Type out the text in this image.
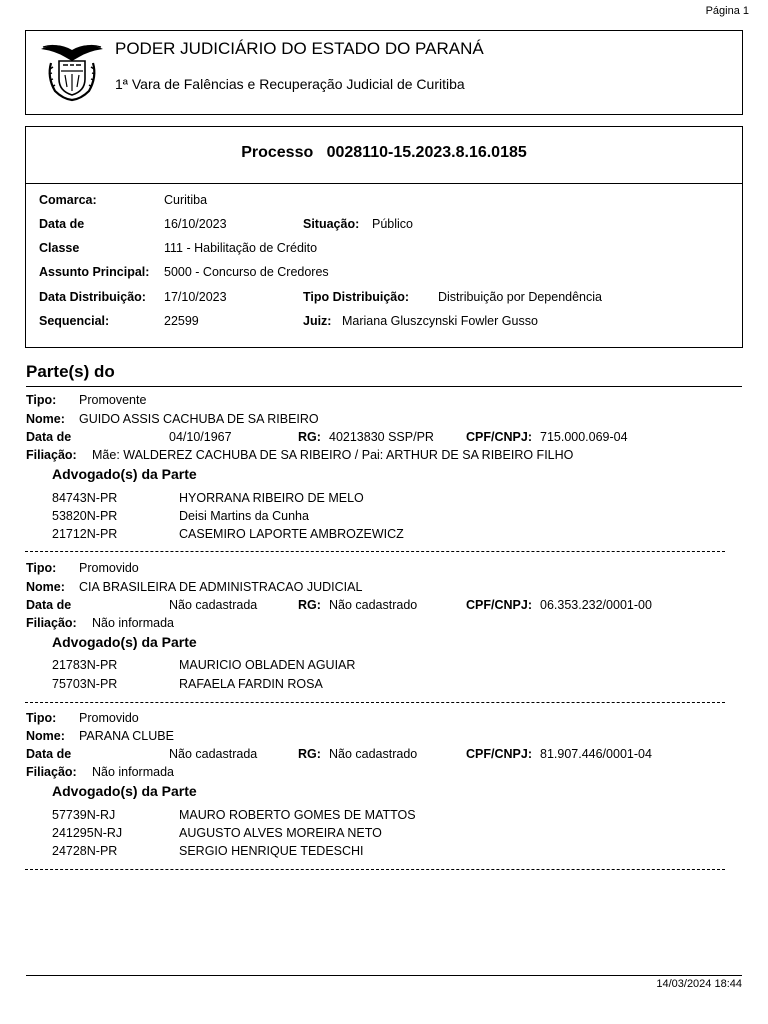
Página 1
PODER JUDICIÁRIO DO ESTADO DO PARANÁ
1ª Vara de Falências e Recuperação Judicial de Curitiba
Processo   0028110-15.2023.8.16.0185
Comarca:	Curitiba
Data de	16/10/2023	Situação: Público
Classe	111 - Habilitação de Crédito
Assunto Principal: 5000 - Concurso de Credores
Data Distribuição: 17/10/2023	Tipo Distribuição: Distribuição por Dependência
Sequencial:	22599	Juiz: Mariana Gluszcynski Fowler Gusso
Parte(s) do
Tipo: Promovente
Nome: GUIDO ASSIS CACHUBA DE SA RIBEIRO
Data de	04/10/1967	RG: 40213830 SSP/PR	CPF/CNPJ: 715.000.069-04
Filiação: Mãe: WALDEREZ CACHUBA DE SA RIBEIRO / Pai: ARTHUR DE SA RIBEIRO FILHO
Advogado(s) da Parte
84743N-PR	HYORRANA RIBEIRO DE MELO
53820N-PR	Deisi Martins da Cunha
21712N-PR	CASEMIRO LAPORTE AMBROZEWICZ
Tipo: Promovido
Nome: CIA BRASILEIRA DE ADMINISTRACAO JUDICIAL
Data de	Não cadastrada	RG: Não cadastrado	CPF/CNPJ: 06.353.232/0001-00
Filiação: Não informada
Advogado(s) da Parte
21783N-PR	MAURICIO OBLADEN AGUIAR
75703N-PR	RAFAELA FARDIN ROSA
Tipo: Promovido
Nome: PARANA CLUBE
Data de	Não cadastrada	RG: Não cadastrado	CPF/CNPJ: 81.907.446/0001-04
Filiação: Não informada
Advogado(s) da Parte
57739N-RJ	MAURO ROBERTO GOMES DE MATTOS
241295N-RJ	AUGUSTO ALVES MOREIRA NETO
24728N-PR	SERGIO HENRIQUE TEDESCHI
14/03/2024 18:44
